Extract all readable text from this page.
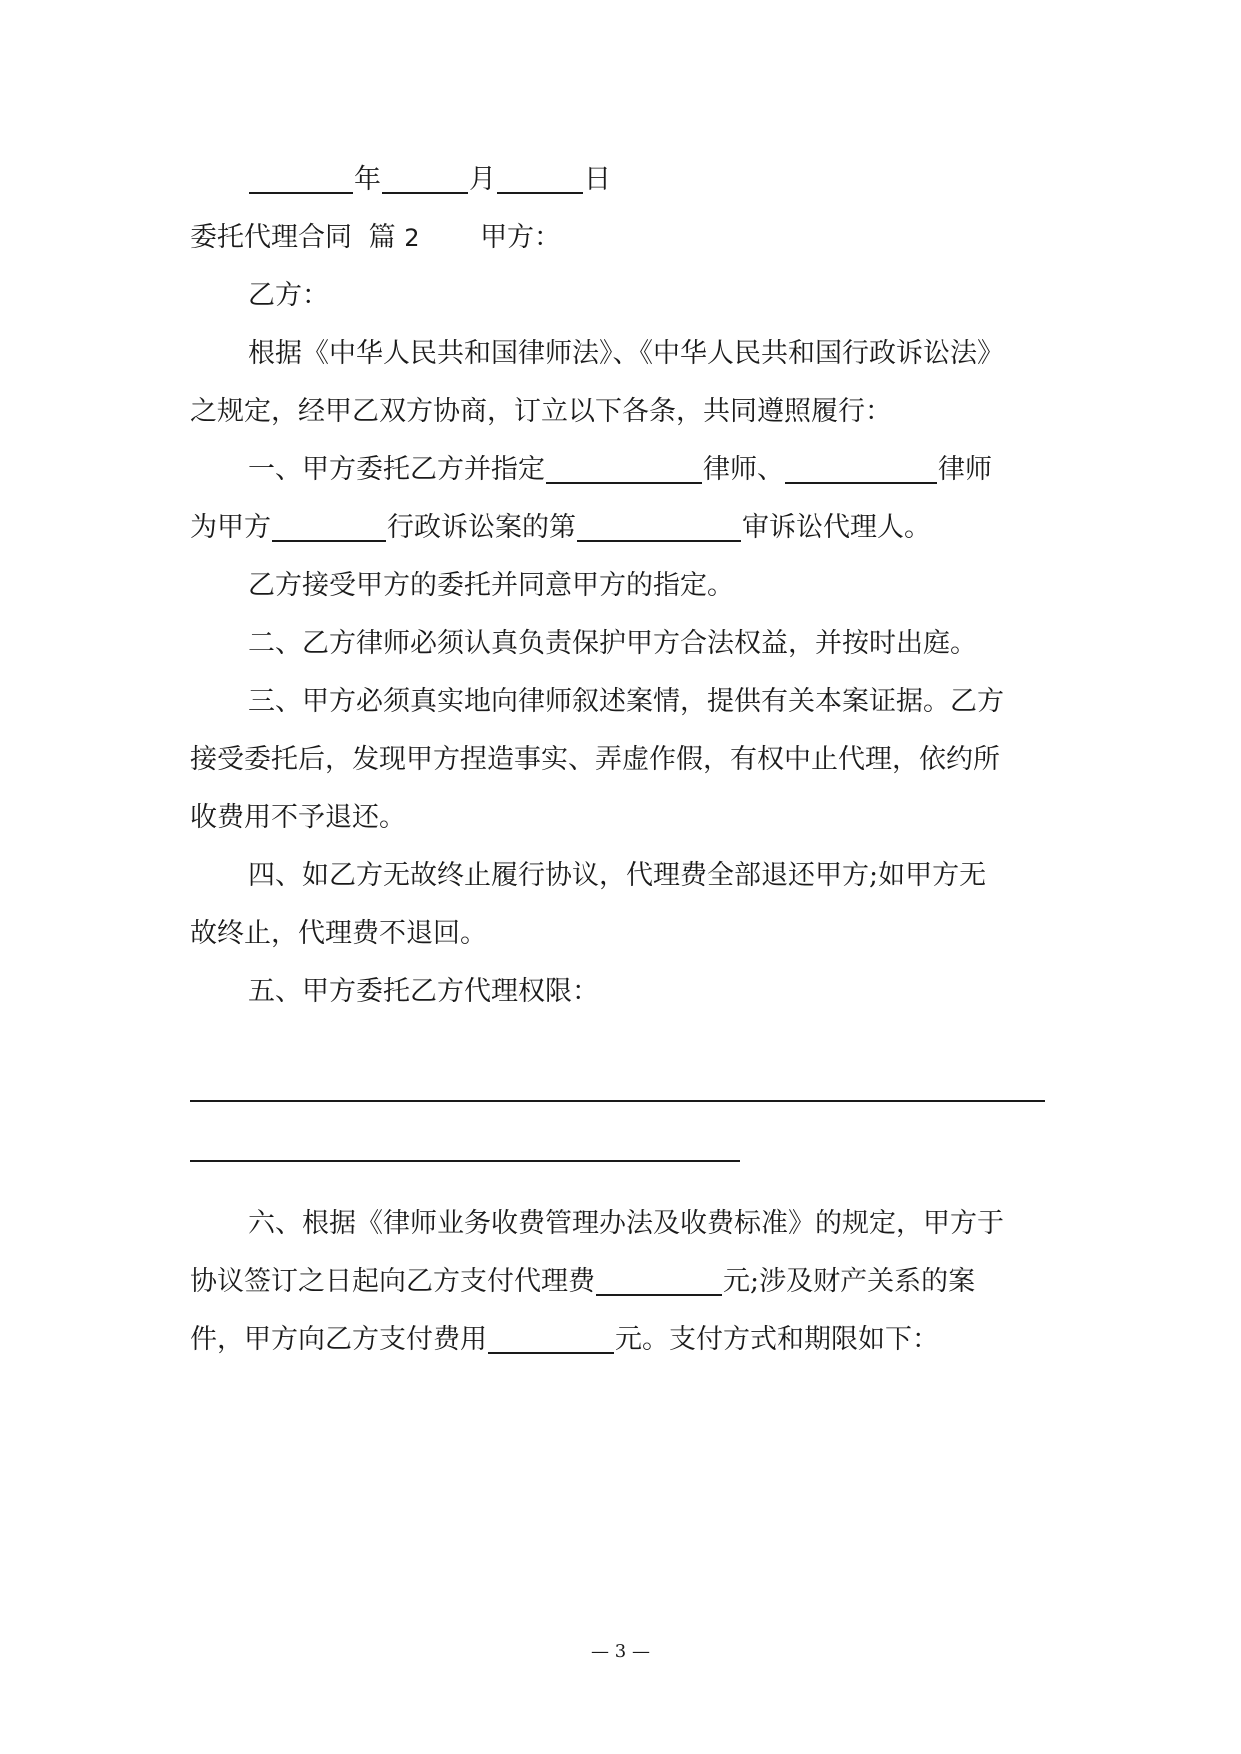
年	月	日
委托代理合同 篇 2 甲方：
乙方：
根据《中华人民共和国律师法》、《中华人民共和国行政诉讼法》
之规定，经甲乙双方协商，订立以下各条，共同遵照履行：
一、甲方委托乙方并指定	律师、	律师
为甲方	行政诉讼案的第	审诉讼代理人。
乙方接受甲方的委托并同意甲方的指定。
二、乙方律师必须认真负责保护甲方合法权益，并按时出庭。
三、甲方必须真实地向律师叙述案情，提供有关本案证据。乙方
接受委托后，发现甲方捏造事实、弄虚作假，有权中止代理，依约所
收费用不予退还。
四、如乙方无故终止履行协议，代理费全部退还甲方;如甲方无
故终止，代理费不退回。
五、甲方委托乙方代理权限：
六、根据《律师业务收费管理办法及收费标准》的规定，甲方于
协议签订之日起向乙方支付代理费	元;涉及财产关系的案
件，甲方向乙方支付费用	元。支付方式和期限如下：
— 3 —
